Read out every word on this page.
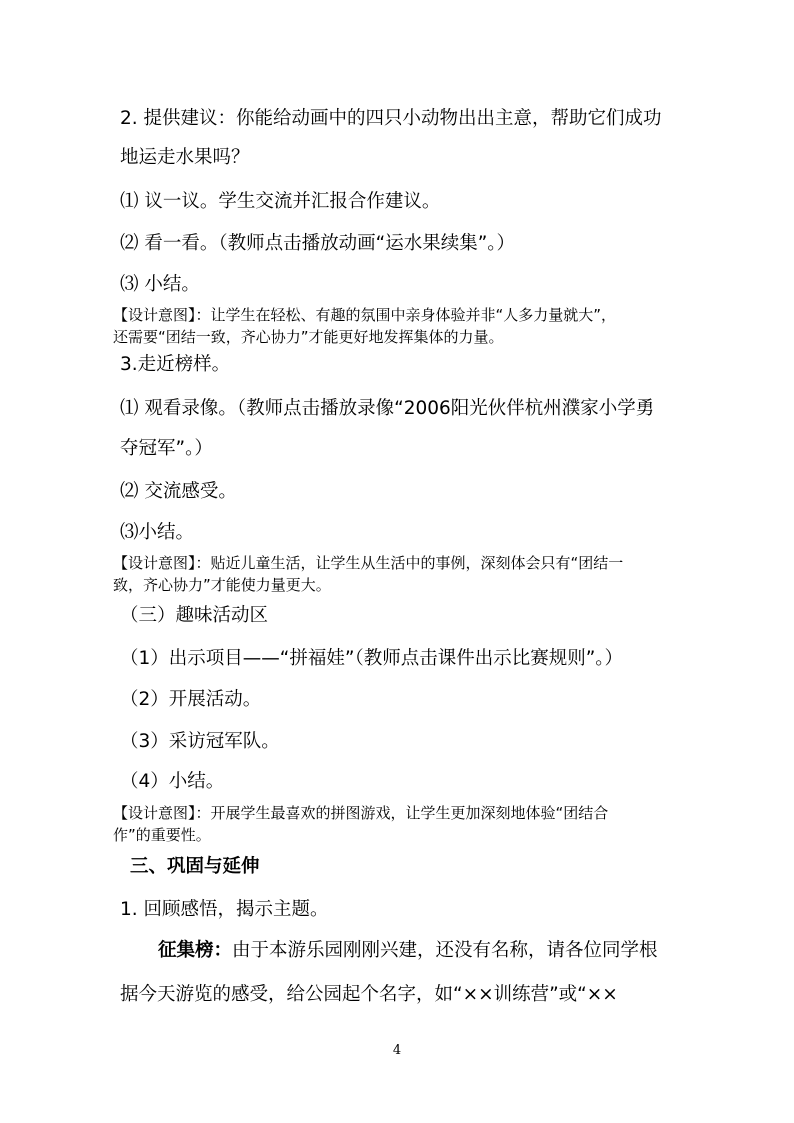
2. 提供建议：你能给动画中的四只小动物出出主意，帮助它们成功
地运走水果吗？
⑴ 议一议。学生交流并汇报合作建议。
⑵ 看一看。（教师点击播放动画“运水果续集”。）
⑶ 小结。
【设计意图】：让学生在轻松、有趣的氛围中亲身体验并非“人多力量就大”，
还需要“团结一致，齐心协力”才能更好地发挥集体的力量。
3.走近榜样。
⑴ 观看录像。（教师点击播放录像“2006阳光伙伴杭州濮家小学勇
夺冠军”。）
⑵ 交流感受。
⑶小结。
【设计意图】：贴近儿童生活，让学生从生活中的事例，深刻体会只有“团结一
致，齐心协力”才能使力量更大。
（三）趣味活动区
（1）出示项目——“拼福娃”（教师点击课件出示比赛规则”。）
（2）开展活动。
（3）采访冠军队。
（4）小结。
【设计意图】：开展学生最喜欢的拼图游戏，让学生更加深刻地体验“团结合
作”的重要性。
三、巩固与延伸
1. 回顾感悟，揭示主题。
征集榜：由于本游乐园刚刚兴建，还没有名称，请各位同学根
据今天游览的感受，给公园起个名字，如“××训练营”或“××
4
